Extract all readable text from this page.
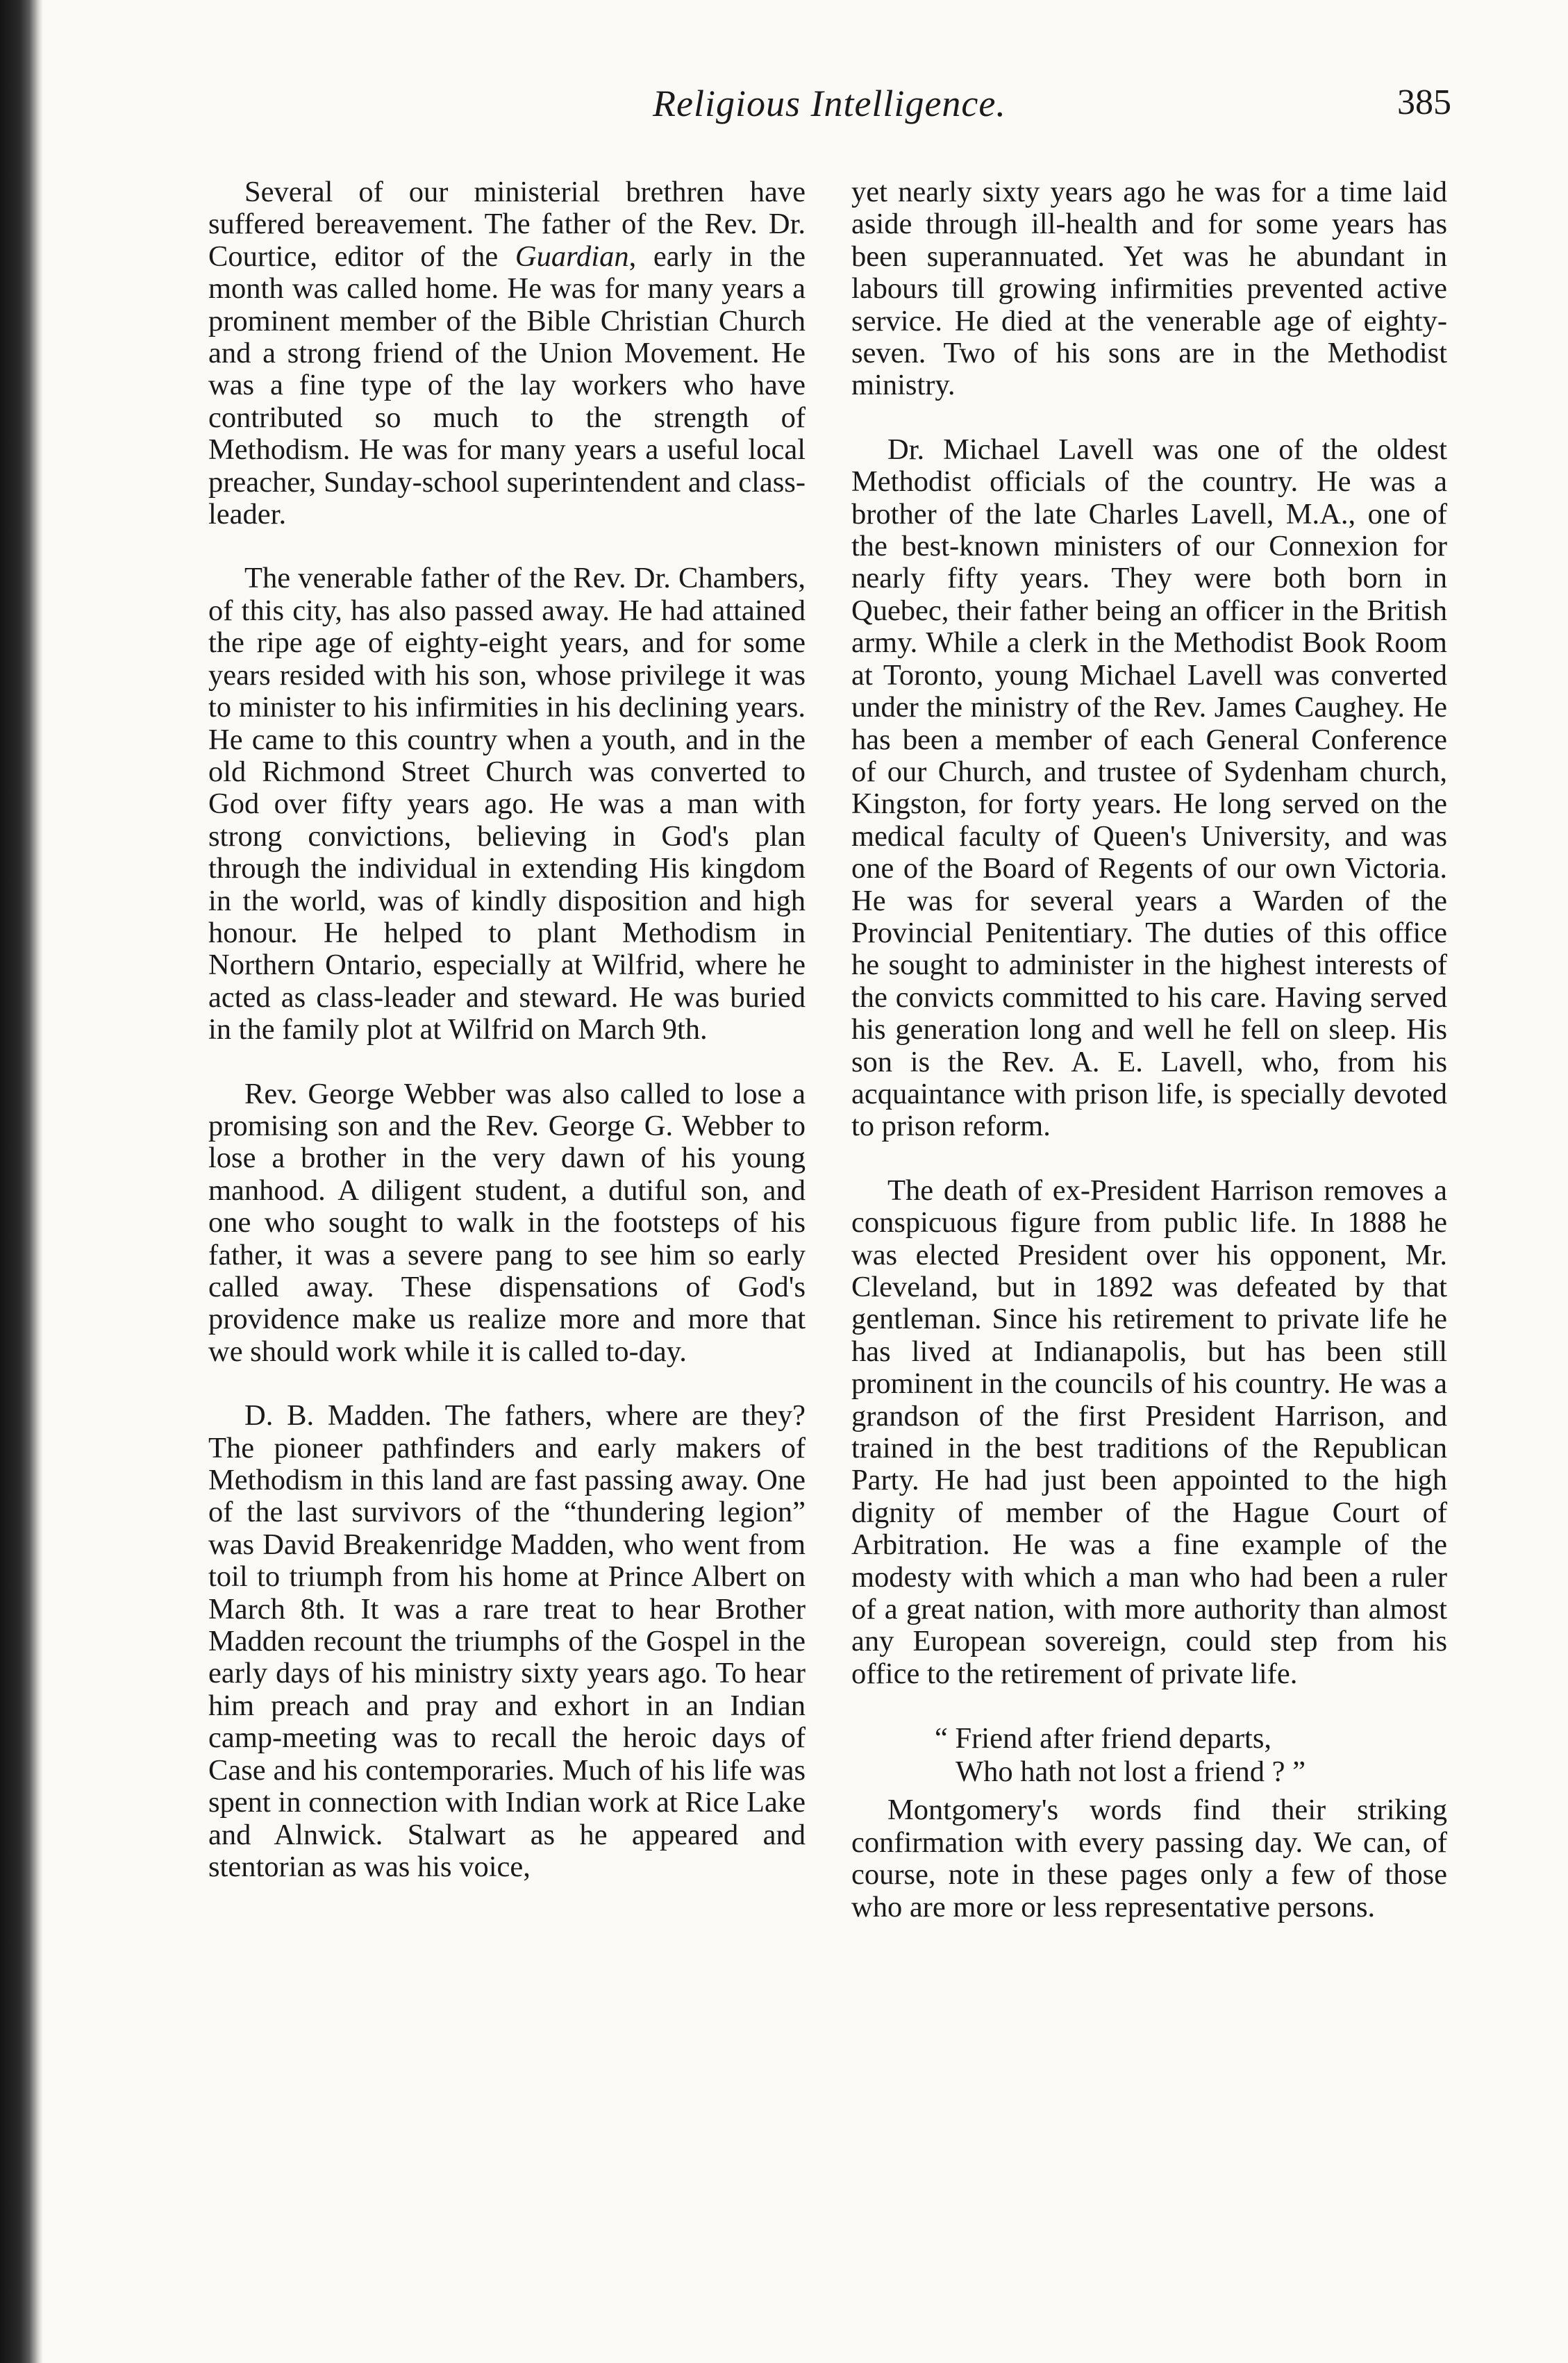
Religious Intelligence.	385

Several of our ministerial brethren have suffered bereavement. The father of the Rev. Dr. Courtice, editor of the Guardian, early in the month was called home. He was for many years a prominent member of the Bible Christian Church and a strong friend of the Union Movement. He was a fine type of the lay workers who have contributed so much to the strength of Methodism. He was for many years a useful local preacher, Sunday-school superintendent and class-leader.

The venerable father of the Rev. Dr. Chambers, of this city, has also passed away. He had attained the ripe age of eighty-eight years, and for some years resided with his son, whose privilege it was to minister to his infirmities in his declining years. He came to this country when a youth, and in the old Richmond Street Church was converted to God over fifty years ago. He was a man with strong convictions, believing in God's plan through the individual in extending His kingdom in the world, was of kindly disposition and high honour. He helped to plant Methodism in Northern Ontario, especially at Wilfrid, where he acted as class-leader and steward. He was buried in the family plot at Wilfrid on March 9th.

Rev. George Webber was also called to lose a promising son and the Rev. George G. Webber to lose a brother in the very dawn of his young manhood. A diligent student, a dutiful son, and one who sought to walk in the footsteps of his father, it was a severe pang to see him so early called away. These dispensations of God's providence make us realize more and more that we should work while it is called to-day.

D. B. Madden. The fathers, where are they? The pioneer pathfinders and early makers of Methodism in this land are fast passing away. One of the last survivors of the “thundering legion” was David Breakenridge Madden, who went from toil to triumph from his home at Prince Albert on March 8th. It was a rare treat to hear Brother Madden recount the triumphs of the Gospel in the early days of his ministry sixty years ago. To hear him preach and pray and exhort in an Indian camp-meeting was to recall the heroic days of Case and his contemporaries. Much of his life was spent in connection with Indian work at Rice Lake and Alnwick. Stalwart as he appeared and stentorian as was his voice,

yet nearly sixty years ago he was for a time laid aside through ill-health and for some years has been superannuated. Yet was he abundant in labours till growing infirmities prevented active service. He died at the venerable age of eighty-seven. Two of his sons are in the Methodist ministry.

Dr. Michael Lavell was one of the oldest Methodist officials of the country. He was a brother of the late Charles Lavell, M.A., one of the best-known ministers of our Connexion for nearly fifty years. They were both born in Quebec, their father being an officer in the British army. While a clerk in the Methodist Book Room at Toronto, young Michael Lavell was converted under the ministry of the Rev. James Caughey. He has been a member of each General Conference of our Church, and trustee of Sydenham church, Kingston, for forty years. He long served on the medical faculty of Queen's University, and was one of the Board of Regents of our own Victoria. He was for several years a Warden of the Provincial Penitentiary. The duties of this office he sought to administer in the highest interests of the convicts committed to his care. Having served his generation long and well he fell on sleep. His son is the Rev. A. E. Lavell, who, from his acquaintance with prison life, is specially devoted to prison reform.

The death of ex-President Harrison removes a conspicuous figure from public life. In 1888 he was elected President over his opponent, Mr. Cleveland, but in 1892 was defeated by that gentleman. Since his retirement to private life he has lived at Indianapolis, but has been still prominent in the councils of his country. He was a grandson of the first President Harrison, and trained in the best traditions of the Republican Party. He had just been appointed to the high dignity of member of the Hague Court of Arbitration. He was a fine example of the modesty with which a man who had been a ruler of a great nation, with more authority than almost any European sovereign, could step from his office to the retirement of private life.

“ Friend after friend departs,
Who hath not lost a friend ? ”

Montgomery's words find their striking confirmation with every passing day. We can, of course, note in these pages only a few of those who are more or less representative persons.
